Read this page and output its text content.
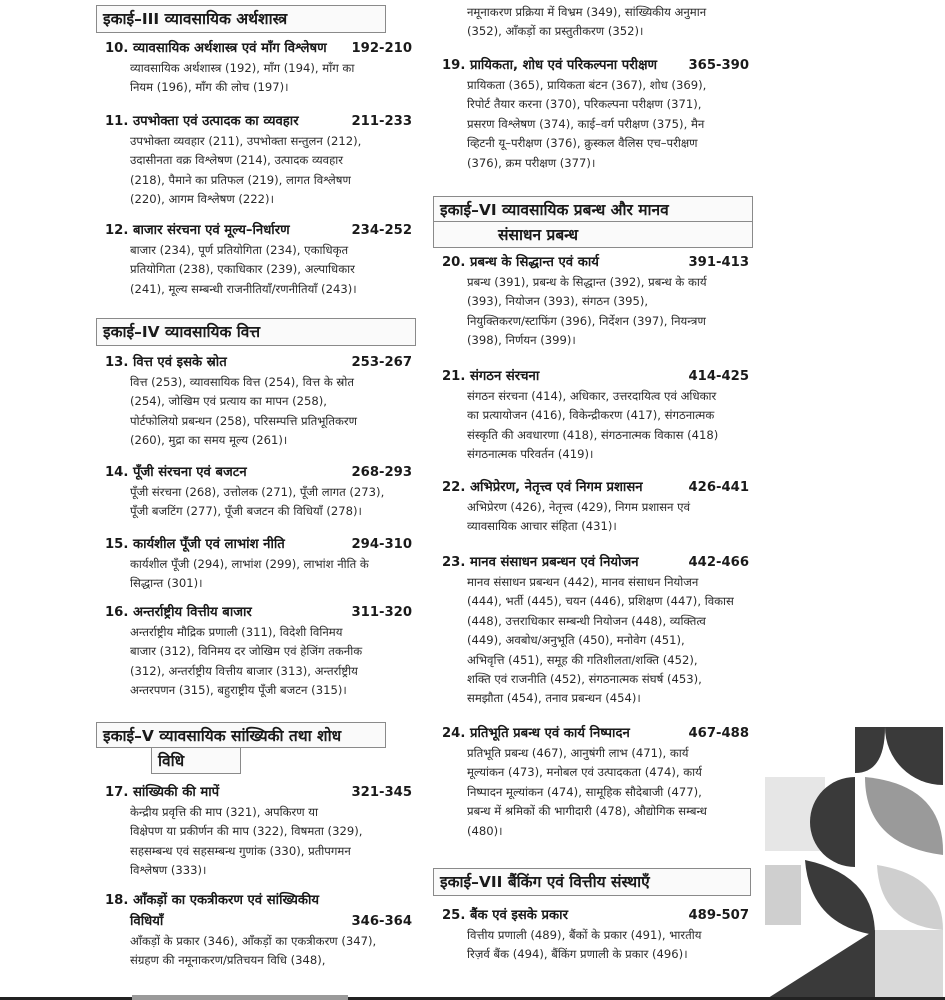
इकाई–III व्यावसायिक अर्थशास्त्र
10. व्यावसायिक अर्थशास्त्र एवं माँग विश्लेषण 192-210
व्यावसायिक अर्थशास्त्र (192), माँग (194), माँग का
नियम (196), माँग की लोच (197)।
11. उपभोक्ता एवं उत्पादक का व्यवहार	211-233
उपभोक्ता व्यवहार (211), उपभोक्ता सन्तुलन (212),
उदासीनता वक्र विश्लेषण (214), उत्पादक व्यवहार
(218), पैमाने का प्रतिफल (219), लागत विश्लेषण
(220), आगम विश्लेषण (222)।
12. बाजार संरचना एवं मूल्य–निर्धारण	234-252
बाजार (234), पूर्ण प्रतियोगिता (234), एकाधिकृत
प्रतियोगिता (238), एकाधिकार (239), अल्पाधिकार
(241), मूल्य सम्बन्धी राजनीतियाँ/रणनीतियाँ (243)।
इकाई–IV व्यावसायिक वित्त
13. वित्त एवं इसके स्रोत	253-267
वित्त (253), व्यावसायिक वित्त (254), वित्त के स्रोत
(254), जोखिम एवं प्रत्याय का मापन (258),
पोर्टफोलियो प्रबन्धन (258), परिसम्पत्ति प्रतिभूतिकरण
(260), मुद्रा का समय मूल्य (261)।
14. पूँजी संरचना एवं बजटन	268-293
पूँजी संरचना (268), उत्तोलक (271), पूँजी लागत (273),
पूँजी बजटिंग (277), पूँजी बजटन की विधियाँ (278)।
15. कार्यशील पूँजी एवं लाभांश नीति	294-310
कार्यशील पूँजी (294), लाभांश (299), लाभांश नीति के
सिद्धान्त (301)।
16. अन्तर्राष्ट्रीय वित्तीय बाजार	311-320
अन्तर्राष्ट्रीय मौद्रिक प्रणाली (311), विदेशी विनिमय
बाजार (312), विनिमय दर जोखिम एवं हेजिंग तकनीक
(312), अन्तर्राष्ट्रीय वित्तीय बाजार (313), अन्तर्राष्ट्रीय
अन्तरपणन (315), बहुराष्ट्रीय पूँजी बजटन (315)।
इकाई–V व्यावसायिक सांख्यिकी तथा शोध
विधि
17. सांख्यिकी की मापें	321-345
केन्द्रीय प्रवृत्ति की माप (321), अपकिरण या
विक्षेपण या प्रकीर्णन की माप (322), विषमता (329),
सहसम्बन्ध एवं सहसम्बन्ध गुणांक (330), प्रतीपगमन
विश्लेषण (333)।
18. आँकड़ों का एकत्रीकरण एवं सांख्यिकीय
विधियाँ	346-364
आँकड़ों के प्रकार (346), आँकड़ों का एकत्रीकरण (347),
संग्रहण की नमूनाकरण/प्रतिचयन विधि (348),
नमूनाकरण प्रक्रिया में विभ्रम (349), सांख्यिकीय अनुमान
(352), आँकड़ों का प्रस्तुतीकरण (352)।
19. प्रायिकता, शोध एवं परिकल्पना परीक्षण 365-390
प्रायिकता (365), प्रायिकता बंटन (367), शोध (369),
रिपोर्ट तैयार करना (370), परिकल्पना परीक्षण (371),
प्रसरण विश्लेषण (374), काई–वर्ग परीक्षण (375), मैन
व्हिटनी यू–परीक्षण (376), क्रुस्कल वैलिस एच–परीक्षण
(376), क्रम परीक्षण (377)।
इकाई–VI व्यावसायिक प्रबन्ध और मानव
संसाधन प्रबन्ध
20. प्रबन्ध के सिद्धान्त एवं कार्य	391-413
प्रबन्ध (391), प्रबन्ध के सिद्धान्त (392), प्रबन्ध के कार्य
(393), नियोजन (393), संगठन (395),
नियुक्तिकरण/स्टाफिंग (396), निर्देशन (397), नियन्त्रण
(398), निर्णयन (399)।
21. संगठन संरचना	414-425
संगठन संरचना (414), अधिकार, उत्तरदायित्व एवं अधिकार
का प्रत्यायोजन (416), विकेन्द्रीकरण (417), संगठनात्मक
संस्कृति की अवधारणा (418), संगठनात्मक विकास (418)
संगठनात्मक परिवर्तन (419)।
22. अभिप्रेरण, नेतृत्त्व एवं निगम प्रशासन	426-441
अभिप्रेरण (426), नेतृत्त्व (429), निगम प्रशासन एवं
व्यावसायिक आचार संहिता (431)।
23. मानव संसाधन प्रबन्धन एवं नियोजन	442-466
मानव संसाधन प्रबन्धन (442), मानव संसाधन नियोजन
(444), भर्ती (445), चयन (446), प्रशिक्षण (447), विकास
(448), उत्तराधिकार सम्बन्धी नियोजन (448), व्यक्तित्व
(449), अवबोध/अनुभूति (450), मनोवेग (451),
अभिवृत्ति (451), समूह की गतिशीलता/शक्ति (452),
शक्ति एवं राजनीति (452), संगठनात्मक संघर्ष (453),
समझौता (454), तनाव प्रबन्धन (454)।
24. प्रतिभूति प्रबन्ध एवं कार्य निष्पादन	467-488
प्रतिभूति प्रबन्ध (467), आनुषंगी लाभ (471), कार्य
मूल्यांकन (473), मनोबल एवं उत्पादकता (474), कार्य
निष्पादन मूल्यांकन (474), सामूहिक सौदेबाजी (477),
प्रबन्ध में श्रमिकों की भागीदारी (478), औद्योगिक सम्बन्ध
(480)।
इकाई–VII बैंकिंग एवं वित्तीय संस्थाएँ
25. बैंक एवं इसके प्रकार	489-507
वित्तीय प्रणाली (489), बैंकों के प्रकार (491), भारतीय
रिज़र्व बैंक (494), बैंकिंग प्रणाली के प्रकार (496)।
